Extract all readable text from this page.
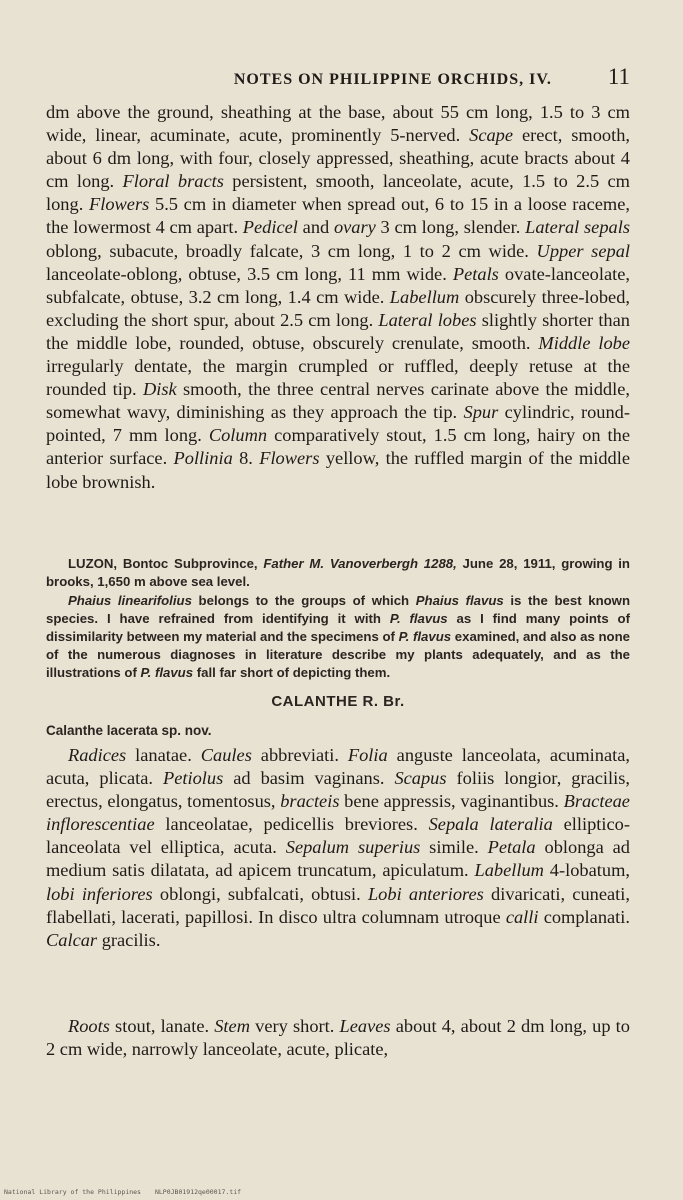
NOTES ON PHILIPPINE ORCHIDS, IV. 11

dm above the ground, sheathing at the base, about 55 cm long, 1.5 to 3 cm wide, linear, acuminate, acute, prominently 5-nerved. Scape erect, smooth, about 6 dm long, with four, closely appressed, sheathing, acute bracts about 4 cm long. Floral bracts persistent, smooth, lanceolate, acute, 1.5 to 2.5 cm long. Flowers 5.5 cm in diameter when spread out, 6 to 15 in a loose raceme, the lowermost 4 cm apart. Pedicel and ovary 3 cm long, slender. Lateral sepals oblong, subacute, broadly falcate, 3 cm long, 1 to 2 cm wide. Upper sepal lanceolate-oblong, obtuse, 3.5 cm long, 11 mm wide. Petals ovate-lanceolate, subfalcate, obtuse, 3.2 cm long, 1.4 cm wide. Labellum obscurely three-lobed, excluding the short spur, about 2.5 cm long. Lateral lobes slightly shorter than the middle lobe, rounded, obtuse, obscurely crenulate, smooth. Middle lobe irregularly dentate, the margin crumpled or ruffled, deeply retuse at the rounded tip. Disk smooth, the three central nerves carinate above the middle, somewhat wavy, diminishing as they approach the tip. Spur cylindric, round-pointed, 7 mm long. Column comparatively stout, 1.5 cm long, hairy on the anterior surface. Pollinia 8. Flowers yellow, the ruffled margin of the middle lobe brownish.

LUZON, Bontoc Subprovince, Father M. Vanoverbergh 1288, June 28, 1911, growing in brooks, 1,650 m above sea level.

Phaius linearifolius belongs to the groups of which Phaius flavus is the best known species. I have refrained from identifying it with P. flavus as I find many points of dissimilarity between my material and the specimens of P. flavus examined, and also as none of the numerous diagnoses in literature describe my plants adequately, and as the illustrations of P. flavus fall far short of depicting them.

CALANTHE R. Br.
Calanthe lacerata sp. nov.

Radices lanatae. Caules abbreviati. Folia anguste lanceolata, acuminata, acuta, plicata. Petiolus ad basim vaginans. Scapus foliis longior, gracilis, erectus, elongatus, tomentosus, bracteis bene appressis, vaginantibus. Bracteae inflorescentiae lanceolatae, pedicellis breviores. Sepala lateralia elliptico-lanceolata vel elliptica, acuta. Sepalum superius simile. Petala oblonga ad medium satis dilatata, ad apicem truncatum, apiculatum. Labellum 4-lobatum, lobi inferiores oblongi, subfalcati, obtusi. Lobi anteriores divaricati, cuneati, flabellati, lacerati, papillosi. In disco ultra columnam utroque calli complanati. Calcar gracilis.

Roots stout, lanate. Stem very short. Leaves about 4, about 2 dm long, up to 2 cm wide, narrowly lanceolate, acute, plicate,

National Library of the Philippines NLP0JB01912qe00017.tif
